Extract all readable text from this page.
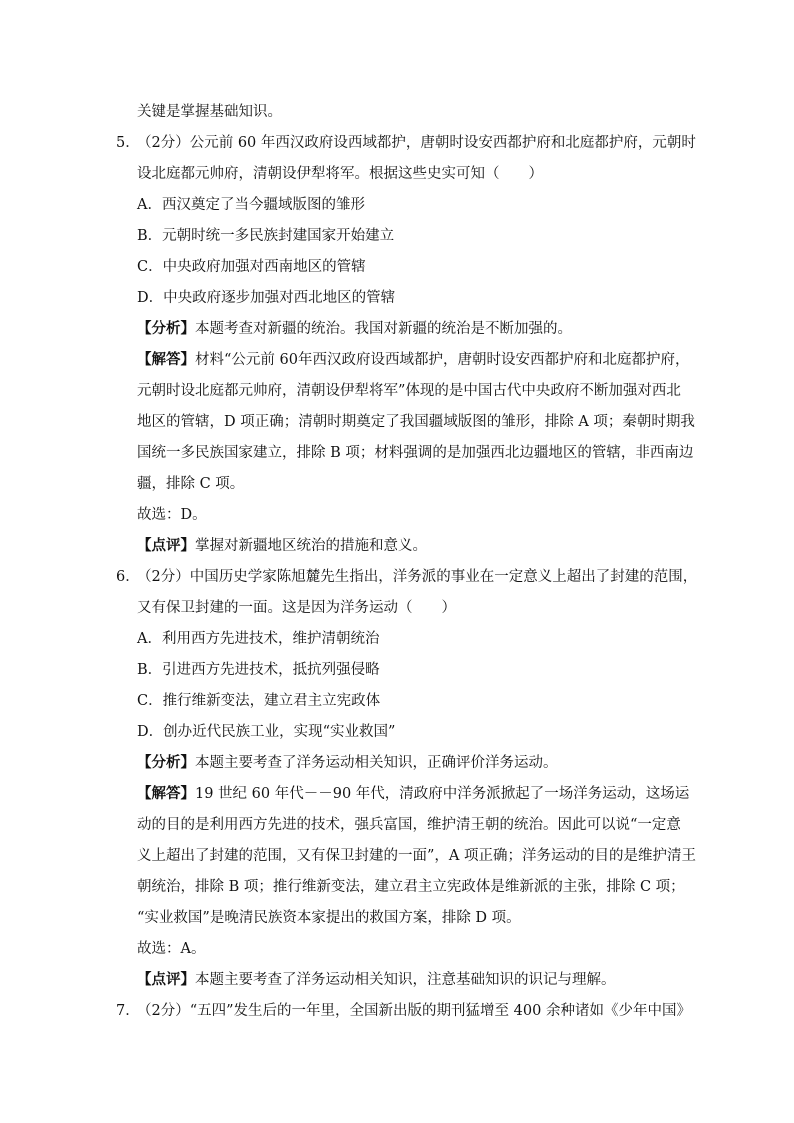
关键是掌握基础知识。
5．
（2分）公元前 60 年西汉政府设西域都护，唐朝时设安西都护府和北庭都护府，元朝时
设北庭都元帅府，清朝设伊犁将军。根据这些史实可知（　　）
A．西汉奠定了当今疆域版图的雏形
B．元朝时统一多民族封建国家开始建立
C．中央政府加强对西南地区的管辖
D．中央政府逐步加强对西北地区的管辖
【分析】本题考查对新疆的统治。我国对新疆的统治是不断加强的。
【解答】材料“公元前 60年西汉政府设西域都护，唐朝时设安西都护府和北庭都护府，
元朝时设北庭都元帅府，清朝设伊犁将军”体现的是中国古代中央政府不断加强对西北
地区的管辖，D 项正确；清朝时期奠定了我国疆域版图的雏形，排除 A 项；秦朝时期我
国统一多民族国家建立，排除 B 项；材料强调的是加强西北边疆地区的管辖，非西南边
疆，排除 C 项。
故选：D。
【点评】掌握对新疆地区统治的措施和意义。
6．
（2分）中国历史学家陈旭麓先生指出，洋务派的事业在一定意义上超出了封建的范围，
又有保卫封建的一面。这是因为洋务运动（　　）
A．利用西方先进技术，维护清朝统治
B．引进西方先进技术，抵抗列强侵略
C．推行维新变法，建立君主立宪政体
D．创办近代民族工业，实现“实业救国”
【分析】本题主要考查了洋务运动相关知识，正确评价洋务运动。
【解答】19 世纪 60 年代－－90 年代，清政府中洋务派掀起了一场洋务运动，这场运
动的目的是利用西方先进的技术，强兵富国，维护清王朝的统治。因此可以说“一定意
义上超出了封建的范围，又有保卫封建的一面”，A 项正确；洋务运动的目的是维护清王
朝统治，排除 B 项；推行维新变法，建立君主立宪政体是维新派的主张，排除 C 项；
“实业救国”是晚清民族资本家提出的救国方案，排除 D 项。
故选：A。
【点评】本题主要考查了洋务运动相关知识，注意基础知识的识记与理解。
7．
（2分）“五四”发生后的一年里，全国新出版的期刊猛增至 400 余种诸如《少年中国》
